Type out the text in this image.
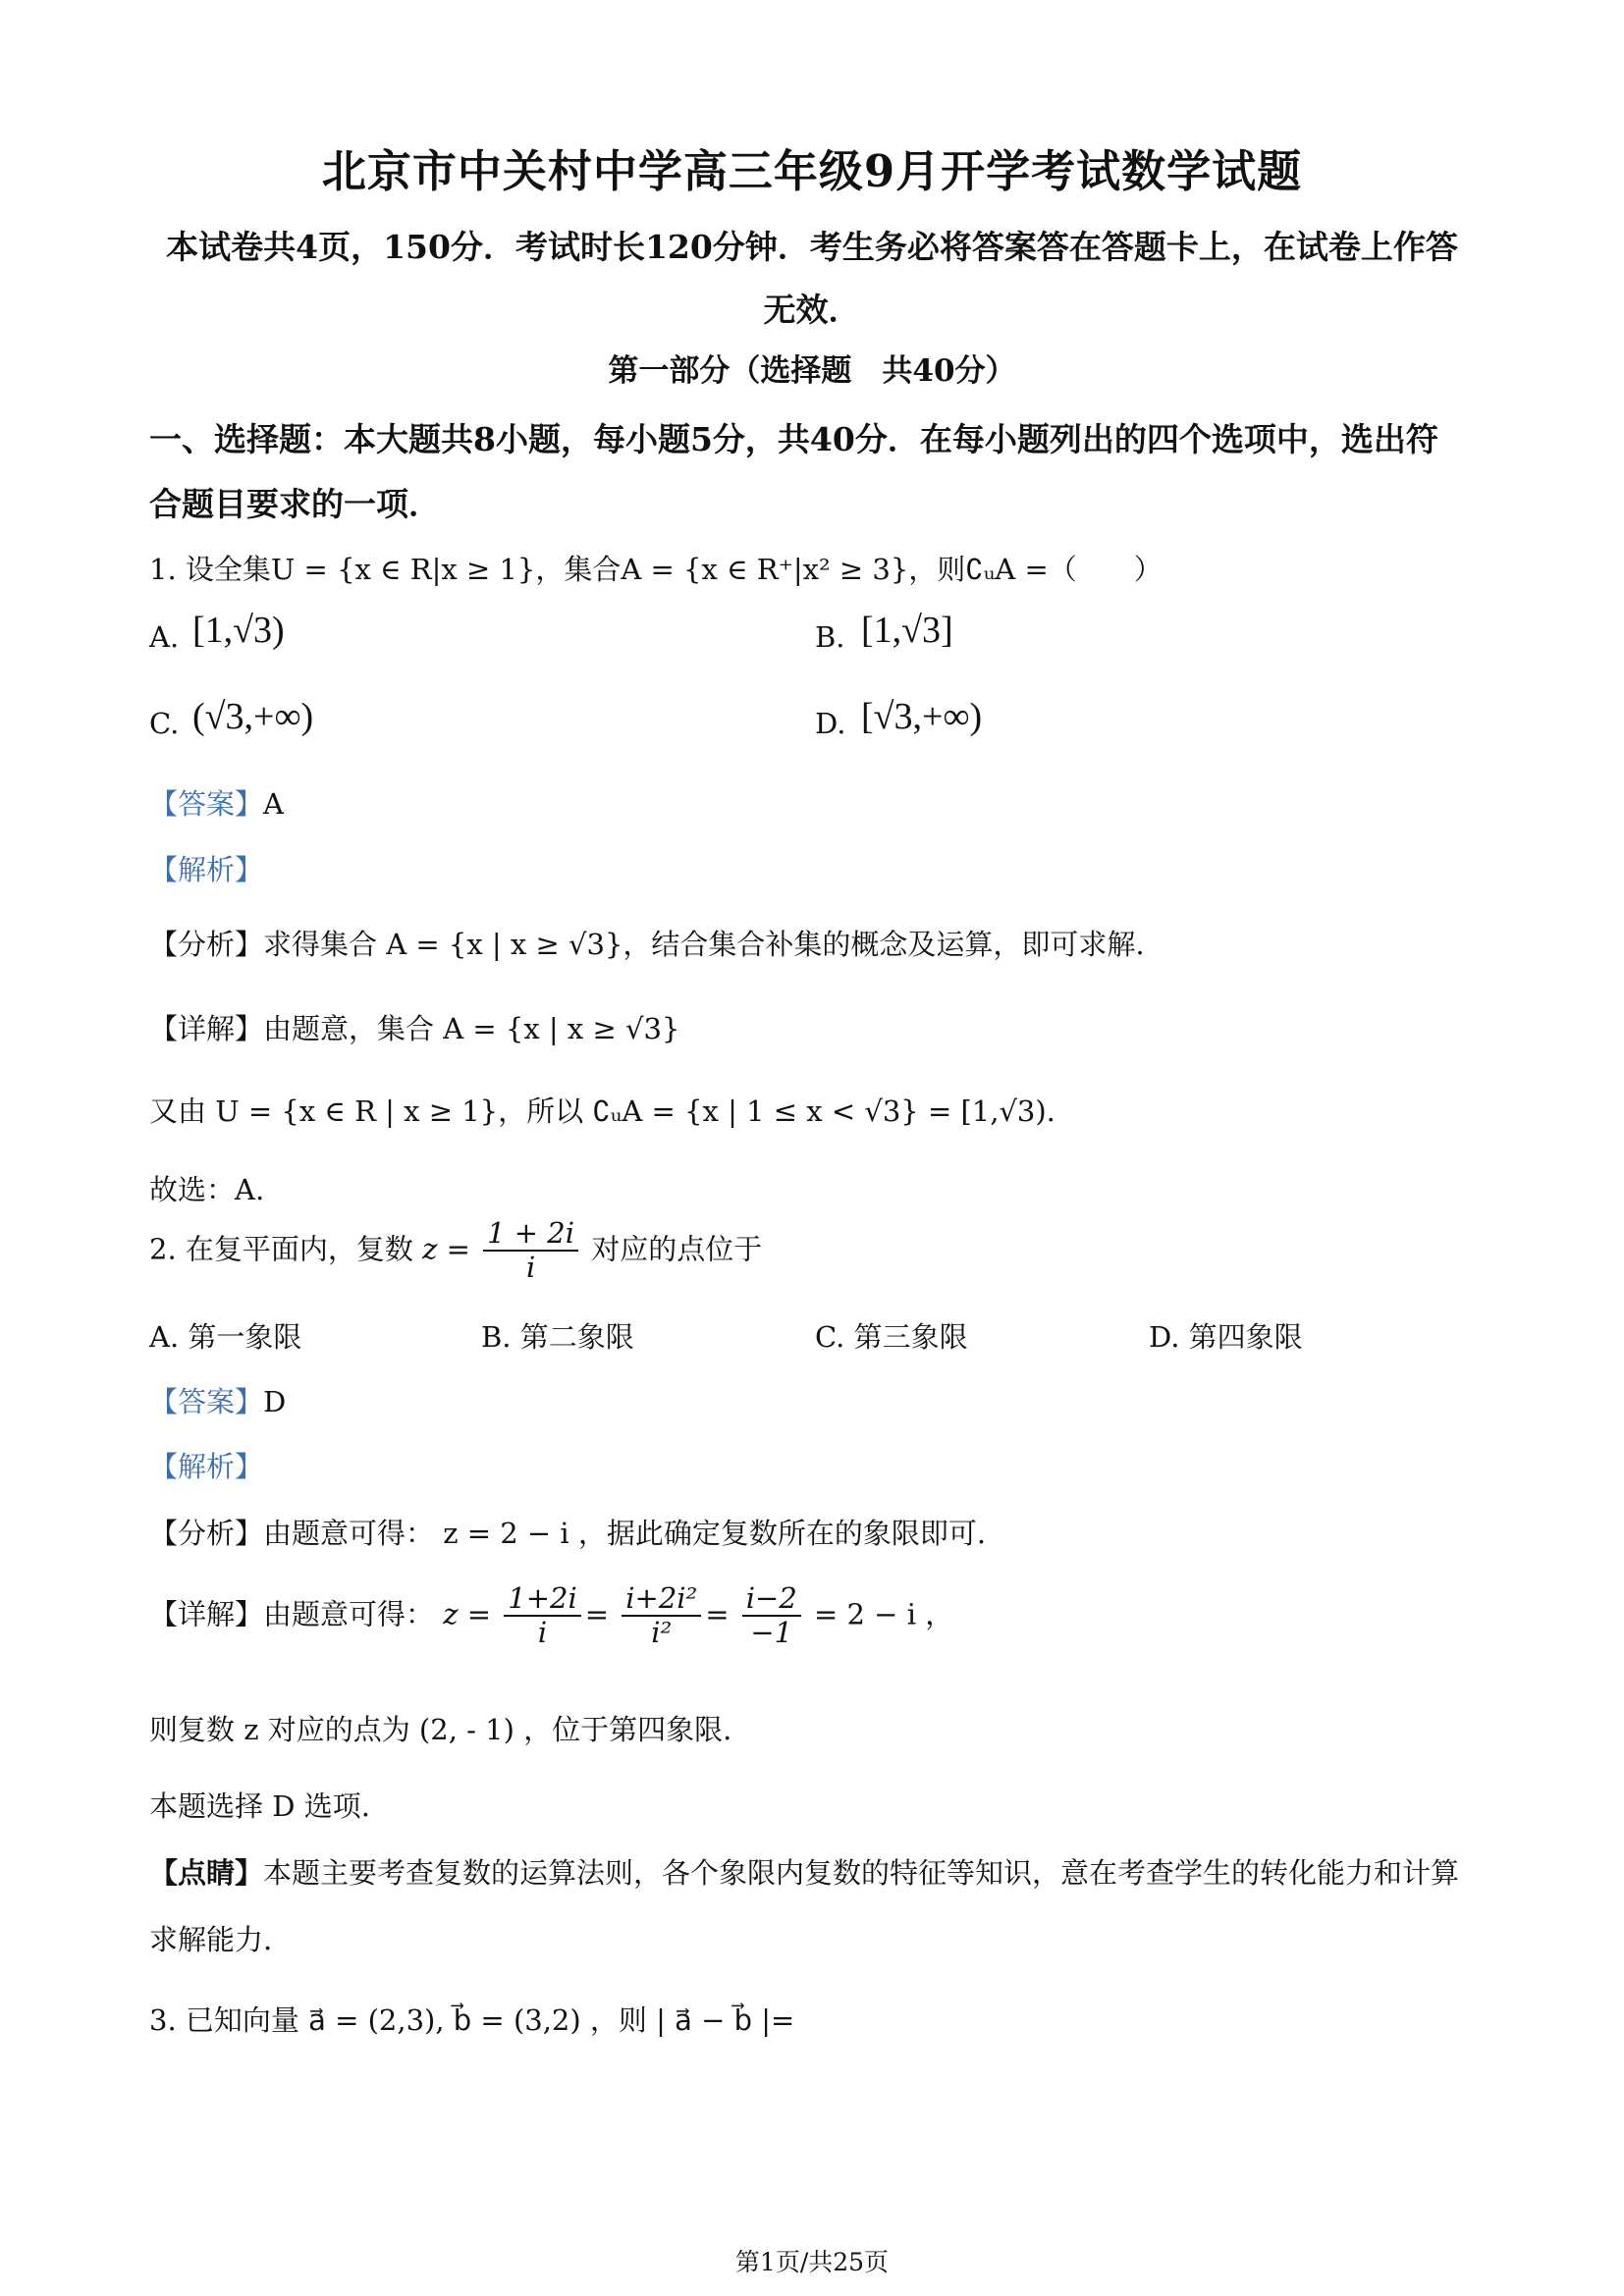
北京市中关村中学高三年级9月开学考试数学试题
本试卷共4页，150分．考试时长120分钟．考生务必将答案答在答题卡上，在试卷上作答
无效．
第一部分（选择题　共40分）
一、选择题：本大题共8小题，每小题5分，共40分．在每小题列出的四个选项中，选出符
合题目要求的一项．
1. 设全集U = {x ∈ R|x ≥ 1}，集合A = {x ∈ R⁺|x² ≥ 3}，则∁ᵤA =（　　）
A. [1,√3)	B. [1,√3]
C. (√3,+∞)	D. [√3,+∞)
【答案】A
【解析】
【分析】求得集合 A = {x | x ≥ √3}，结合集合补集的概念及运算，即可求解.
【详解】由题意，集合 A = {x | x ≥ √3}
又由 U = {x ∈ R | x ≥ 1}，所以 ∁ᵤA = {x | 1 ≤ x < √3} = [1,√3).
故选：A.
2. 在复平面内，复数 $z = \frac{1 + 2i}{i}$ 对应的点位于
A. 第一象限	B. 第二象限	C. 第三象限	D. 第四象限
【答案】D
【解析】
【分析】由题意可得： z = 2 − i ，据此确定复数所在的象限即可.
【详解】由题意可得： $z = \frac{1+2i}{i} = \frac{\text{i+2i²}}{\text{i²}} = \frac{i-2}{-1} = 2 - i$ ，
则复数 z 对应的点为 (2, - 1) ，位于第四象限.
本题选择 D 选项.
【点睛】本题主要考查复数的运算法则，各个象限内复数的特征等知识，意在考查学生的转化能力和计算
求解能力.
3. 已知向量 a⃗ = (2,3), b⃗ = (3,2) ，则 | a⃗ − b⃗ |=
第1页/共25页
